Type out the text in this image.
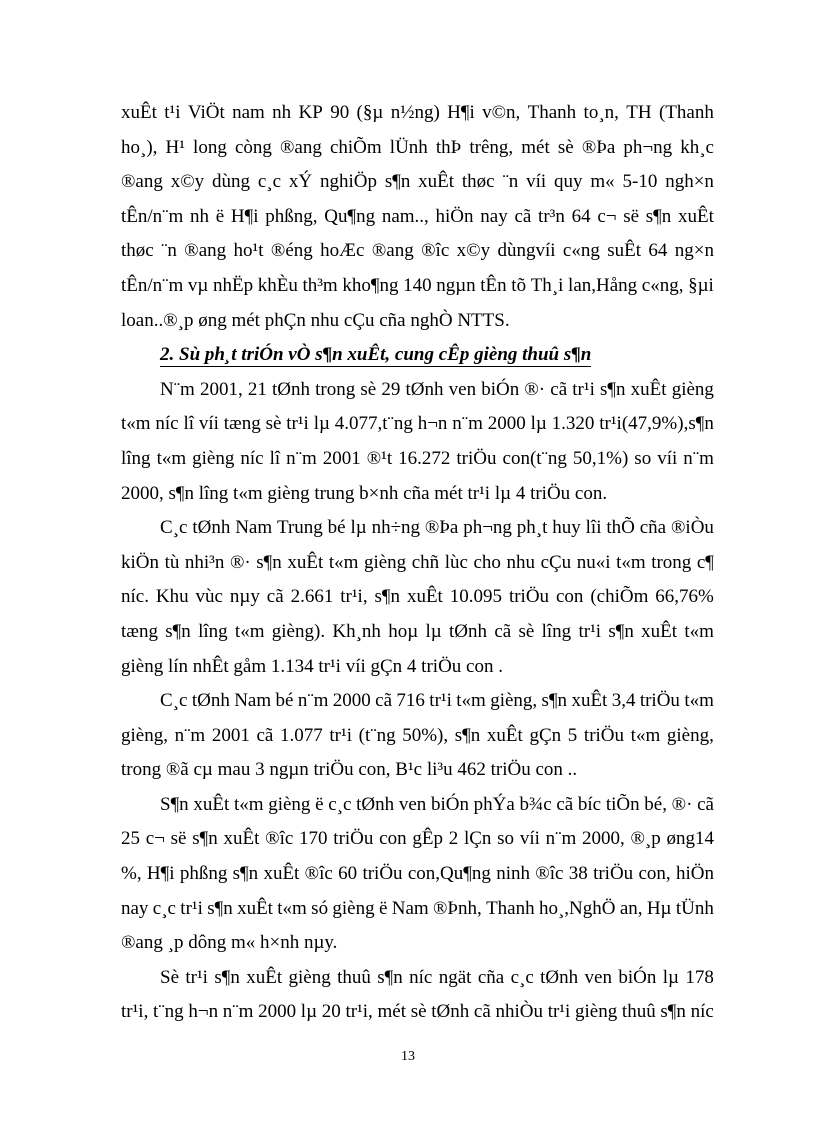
xuÊt t¹i ViÖt nam nh KP 90 (§µ n½ng) H¶i v©n, Thanh to¸n, TH (Thanh
ho¸), H¹ long còng ®ang chiÕm lÜnh thÞ trêng, mét sè ®Þa ph¬ng kh¸c
®ang x©y dùng c¸c xÝ nghiÖp s¶n xuÊt thøc ¨n víi quy m« 5-10 ngh×n
tÊn/n¨m nh ë H¶i phßng, Qu¶ng nam.., hiÖn nay cã tr³n 64 c¬ së s¶n xuÊt
thøc ¨n ®ang ho¹t ®éng hoÆc ®ang ®îc x©y dùngvíi c«ng suÊt 64 ng×n
tÊn/n¨m vµ nhËp khÈu th³m kho¶ng 140 ngµn tÊn tõ Th¸i lan,Hång c«ng, §µi
loan..®¸p øng mét phÇn nhu cÇu cña nghÒ NTTS.
2. Sù ph¸t triÓn vÒ s¶n xuÊt, cung cÊp gièng thuû s¶n
N¨m 2001, 21 tØnh trong sè 29 tØnh ven biÓn ®· cã tr¹i s¶n xuÊt gièng
t«m níc lî víi tæng sè tr¹i lµ 4.077,t¨ng h¬n n¨m 2000 lµ 1.320 tr¹i(47,9%),s¶n
lîng t«m gièng níc lî n¨m 2001 ®¹t 16.272 triÖu con(t¨ng 50,1%) so víi n¨m
2000, s¶n lîng t«m gièng trung b×nh cña mét tr¹i lµ 4 triÖu con.
C¸c tØnh Nam Trung bé lµ nh÷ng ®Þa ph¬ng ph¸t huy lîi thÕ cña ®iÒu
kiÖn tù nhi³n ®· s¶n xuÊt t«m gièng chñ lùc cho nhu cÇu nu«i t«m trong c¶
níc. Khu vùc nµy cã 2.661 tr¹i, s¶n xuÊt 10.095 triÖu con (chiÕm 66,76%
tæng s¶n lîng t«m gièng). Kh¸nh hoµ lµ tØnh cã sè lîng tr¹i s¶n xuÊt t«m
gièng lín nhÊt gåm 1.134 tr¹i víi gÇn 4 triÖu con .
C¸c tØnh Nam bé n¨m 2000 cã 716 tr¹i t«m gièng, s¶n xuÊt 3,4 triÖu t«m
gièng, n¨m 2001 cã 1.077 tr¹i (t¨ng 50%), s¶n xuÊt gÇn 5 triÖu t«m gièng,
trong ®ã cµ mau 3 ngµn triÖu con, B¹c li³u 462 triÖu con ..
S¶n xuÊt t«m gièng ë c¸c tØnh ven biÓn phÝa b¾c cã bíc tiÕn bé, ®· cã
25 c¬ së s¶n xuÊt ®îc 170 triÖu con gÊp 2 lÇn so víi n¨m 2000, ®¸p øng14
%, H¶i phßng s¶n xuÊt ®îc 60 triÖu con,Qu¶ng ninh ®îc 38 triÖu con, hiÖn
nay c¸c tr¹i s¶n xuÊt t«m só gièng ë Nam ®Þnh, Thanh ho¸,NghÖ an, Hµ tÜnh
®ang ¸p dông m« h×nh nµy.
Sè tr¹i s¶n xuÊt gièng thuû s¶n níc ngät cña c¸c tØnh ven biÓn lµ 178
tr¹i, t¨ng h¬n n¨m 2000 lµ 20 tr¹i, mét sè tØnh cã nhiÒu tr¹i gièng thuû s¶n níc
13
